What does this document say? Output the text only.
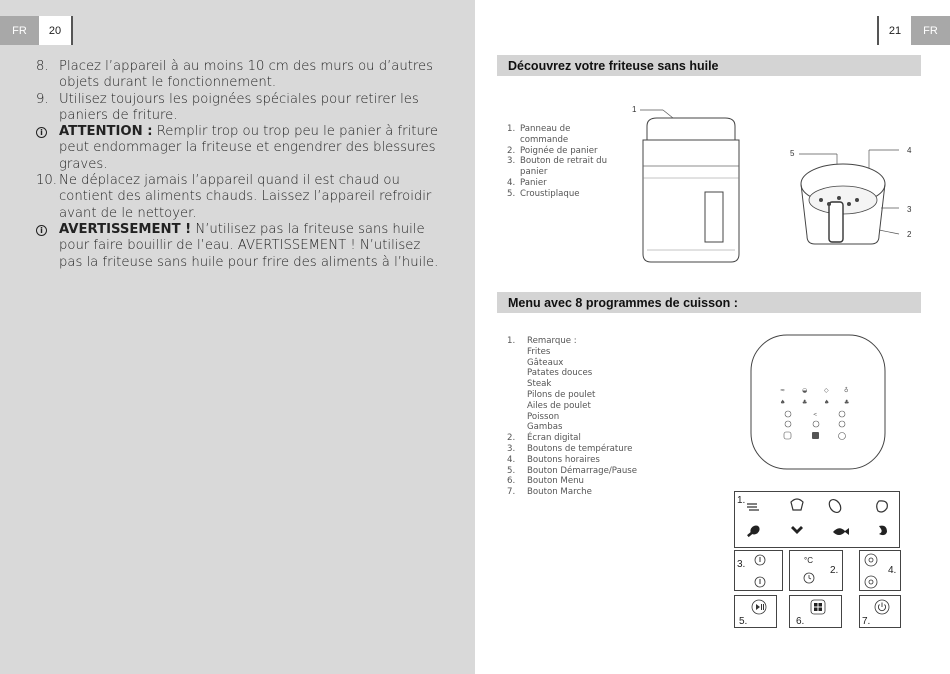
FR	20
8. Placez l’appareil à au moins 10 cm des murs ou d’autres objets durant le fonctionnement.
9. Utilisez toujours les poignées spéciales pour retirer les paniers de friture.
i	ATTENTION : Remplir trop ou trop peu le panier à friture peut endommager la friteuse et engendrer des blessures graves.
10. Ne déplacez jamais l’appareil quand il est chaud ou contient des aliments chauds. Laissez l’appareil refroidir avant de le nettoyer.
i	AVERTISSEMENT ! N’utilisez pas la friteuse sans huile pour faire bouillir de l’eau. AVERTISSEMENT ! N’utilisez pas la friteuse sans huile pour frire des aliments à l’huile.
21	FR
Découvrez votre friteuse sans huile
1. Panneau de commande
2. Poignée de panier
3. Bouton de retrait du panier
4. Panier
5. Croustiplaque
1
5	4
3
2
Menu avec 8 programmes de cuisson :
1.	Remarque :
Frites
Gâteaux
Patates douces
Steak
Pilons de poulet
Ailes de poulet
Poisson
Gambas
2.	Écran digital
3.	Boutons de température
4.	Boutons horaires
5.	Bouton Démarrage/Pause
6.	Bouton Menu
7.	Bouton Marche
≈	◒	◇	♁
♠	♣	♠ ♣
<
1.
3.	°C
2.	4.
5.	6.	7.
